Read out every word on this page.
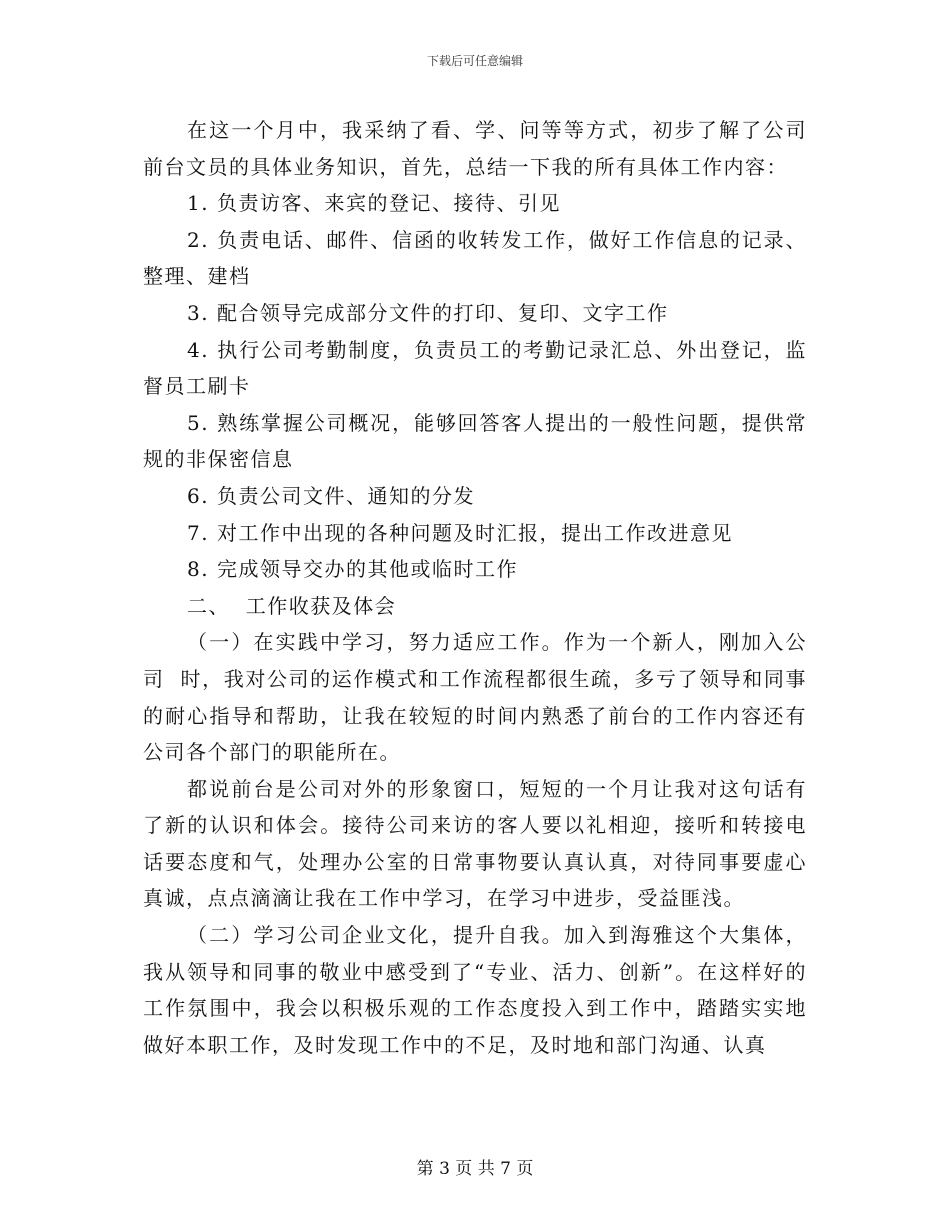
下载后可任意编辑

在这一个月中，我采纳了看、学、问等等方式，初步了解了公司前台文员的具体业务知识，首先，总结一下我的所有具体工作内容：

1. 负责访客、来宾的登记、接待、引见

2. 负责电话、邮件、信函的收转发工作，做好工作信息的记录、整理、建档

3. 配合领导完成部分文件的打印、复印、文字工作

4. 执行公司考勤制度，负责员工的考勤记录汇总、外出登记，监督员工刷卡

5. 熟练掌握公司概况，能够回答客人提出的一般性问题，提供常规的非保密信息

6. 负责公司文件、通知的分发

7. 对工作中出现的各种问题及时汇报，提出工作改进意见

8. 完成领导交办的其他或临时工作

二、  工作收获及体会

（一）在实践中学习，努力适应工作。作为一个新人，刚加入公司  时，我对公司的运作模式和工作流程都很生疏，多亏了领导和同事的耐心指导和帮助，让我在较短的时间内熟悉了前台的工作内容还有公司各个部门的职能所在。

都说前台是公司对外的形象窗口，短短的一个月让我对这句话有了新的认识和体会。接待公司来访的客人要以礼相迎，接听和转接电话要态度和气，处理办公室的日常事物要认真认真，对待同事要虚心真诚，点点滴滴让我在工作中学习，在学习中进步，受益匪浅。

（二）学习公司企业文化，提升自我。加入到海雅这个大集体，我从领导和同事的敬业中感受到了“专业、活力、创新”。在这样好的工作氛围中，我会以积极乐观的工作态度投入到工作中，踏踏实实地做好本职工作，及时发现工作中的不足，及时地和部门沟通、认真

第 3 页 共 7 页
